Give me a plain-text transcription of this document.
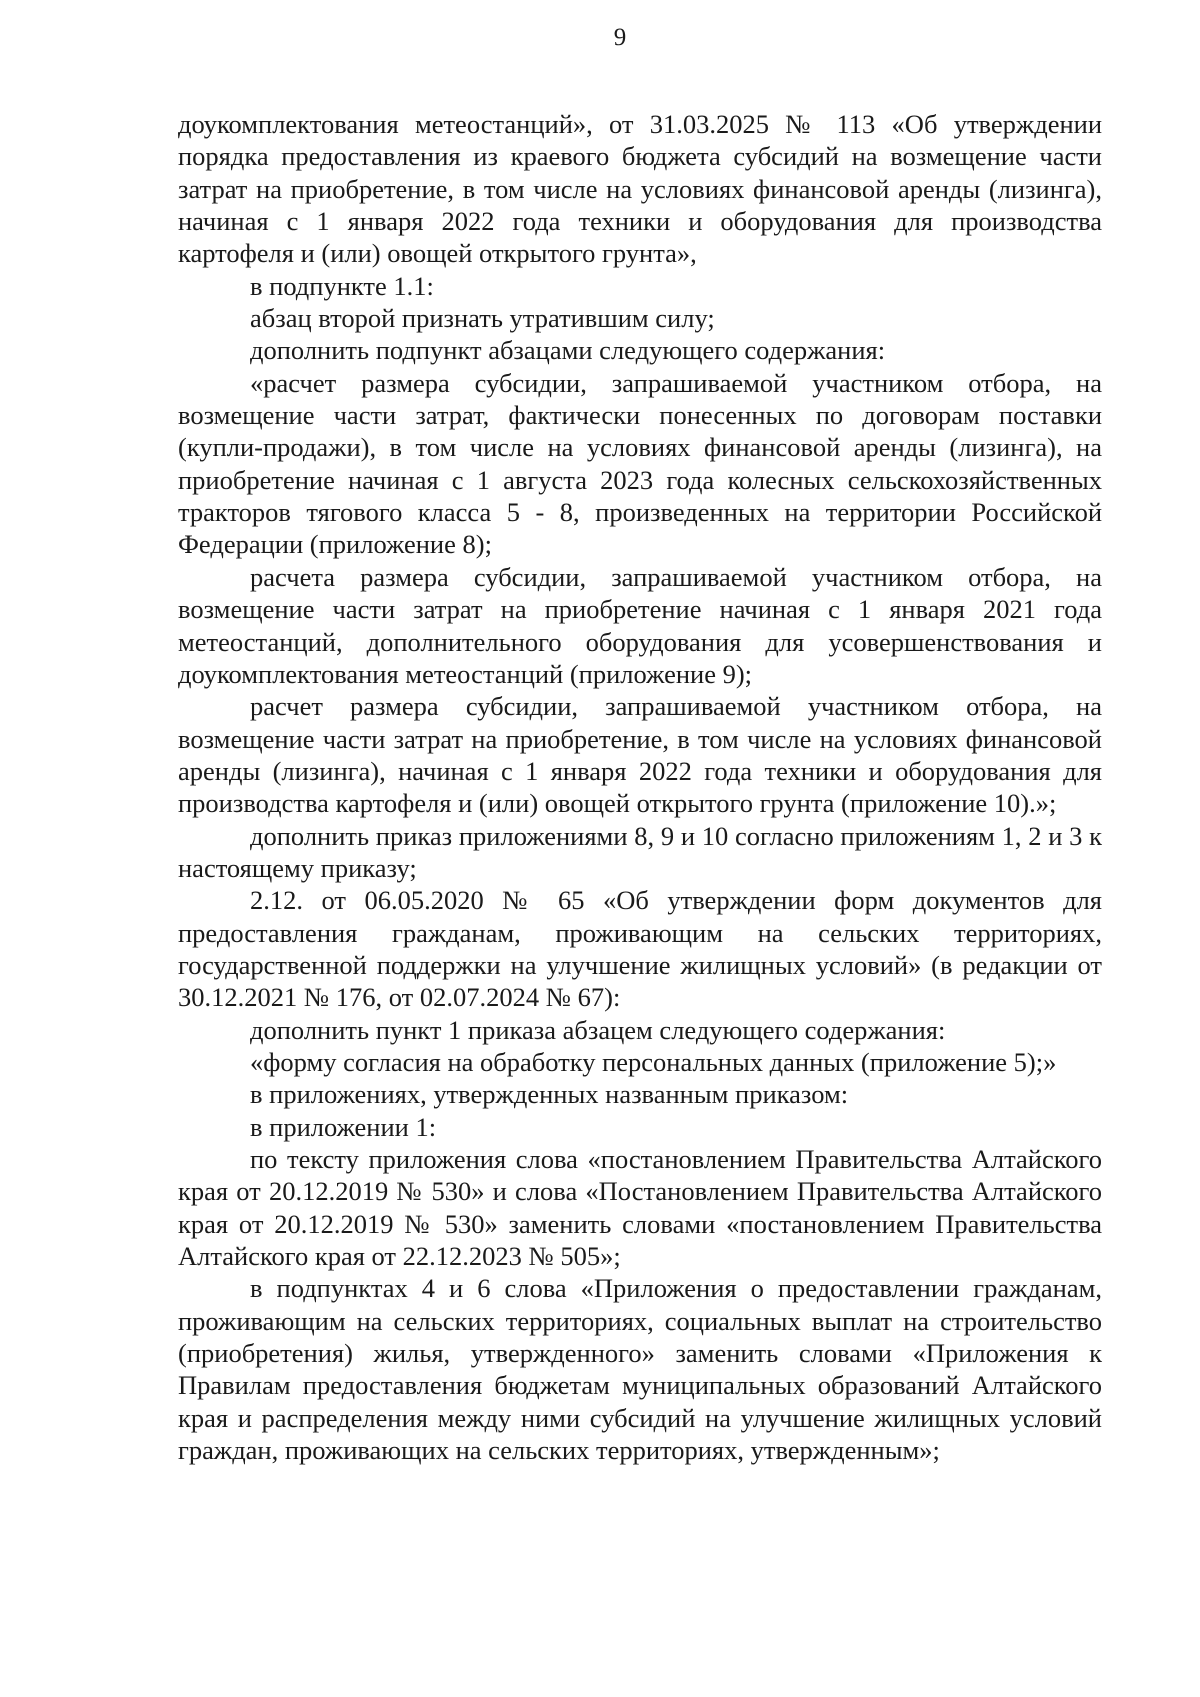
9

доукомплектования метеостанций», от 31.03.2025 № 113 «Об утверждении порядка предоставления из краевого бюджета субсидий на возмещение части затрат на приобретение, в том числе на условиях финансовой аренды (лизинга), начиная с 1 января 2022 года техники и оборудования для производства картофеля и (или) овощей открытого грунта»,

в подпункте 1.1:

абзац второй признать утратившим силу;

дополнить подпункт абзацами следующего содержания:

«расчет размера субсидии, запрашиваемой участником отбора, на возмещение части затрат, фактически понесенных по договорам поставки (купли-продажи), в том числе на условиях финансовой аренды (лизинга), на приобретение начиная с 1 августа 2023 года колесных сельскохозяйственных тракторов тягового класса 5 - 8, произведенных на территории Российской Федерации (приложение 8);

расчета размера субсидии, запрашиваемой участником отбора, на возмещение части затрат на приобретение начиная с 1 января 2021 года метеостанций, дополнительного оборудования для усовершенствования и доукомплектования метеостанций (приложение 9);

расчет размера субсидии, запрашиваемой участником отбора, на возмещение части затрат на приобретение, в том числе на условиях финансовой аренды (лизинга), начиная с 1 января 2022 года техники и оборудования для производства картофеля и (или) овощей открытого грунта (приложение 10).»;

дополнить приказ приложениями 8, 9 и 10 согласно приложениям 1, 2 и 3 к настоящему приказу;

2.12. от 06.05.2020 № 65 «Об утверждении форм документов для предоставления гражданам, проживающим на сельских территориях, государственной поддержки на улучшение жилищных условий» (в редакции от 30.12.2021 № 176, от 02.07.2024 № 67):

дополнить пункт 1 приказа абзацем следующего содержания:

«форму согласия на обработку персональных данных (приложение 5);»

в приложениях, утвержденных названным приказом:

в приложении 1:

по тексту приложения слова «постановлением Правительства Алтайского края от 20.12.2019 № 530» и слова «Постановлением Правительства Алтайского края от 20.12.2019 № 530» заменить словами «постановлением Правительства Алтайского края от 22.12.2023 № 505»;

в подпунктах 4 и 6 слова «Приложения о предоставлении гражданам, проживающим на сельских территориях, социальных выплат на строительство (приобретения) жилья, утвержденного» заменить словами «Приложения к Правилам предоставления бюджетам муниципальных образований Алтайского края и распределения между ними субсидий на улучшение жилищных условий граждан, проживающих на сельских территориях, утвержденным»;
